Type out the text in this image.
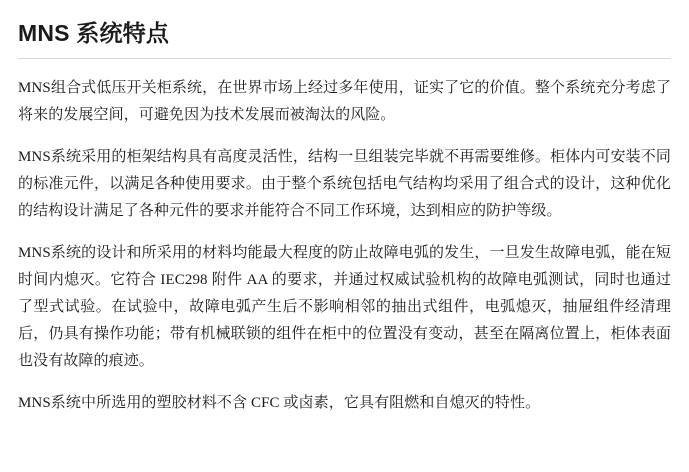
MNS 系统特点

MNS组合式低压开关柜系统，在世界市场上经过多年使用，证实了它的价值。整个系统充分考虑了将来的发展空间，可避免因为技术发展而被淘汰的风险。

MNS系统采用的柜架结构具有高度灵活性，结构一旦组装完毕就不再需要维修。柜体内可安装不同的标准元件，以满足各种使用要求。由于整个系统包括电气结构均采用了组合式的设计，这种优化的结构设计满足了各种元件的要求并能符合不同工作环境，达到相应的防护等级。

MNS系统的设计和所采用的材料均能最大程度的防止故障电弧的发生，一旦发生故障电弧，能在短时间内熄灭。它符合 IEC298 附件 AA 的要求，并通过权威试验机构的故障电弧测试，同时也通过了型式试验。在试验中，故障电弧产生后不影响相邻的抽出式组件，电弧熄灭，抽屉组件经清理后，仍具有操作功能；带有机械联锁的组件在柜中的位置没有变动，甚至在隔离位置上，柜体表面也没有故障的痕迹。

MNS系统中所选用的塑胶材料不含 CFC 或卤素，它具有阻燃和自熄灭的特性。
